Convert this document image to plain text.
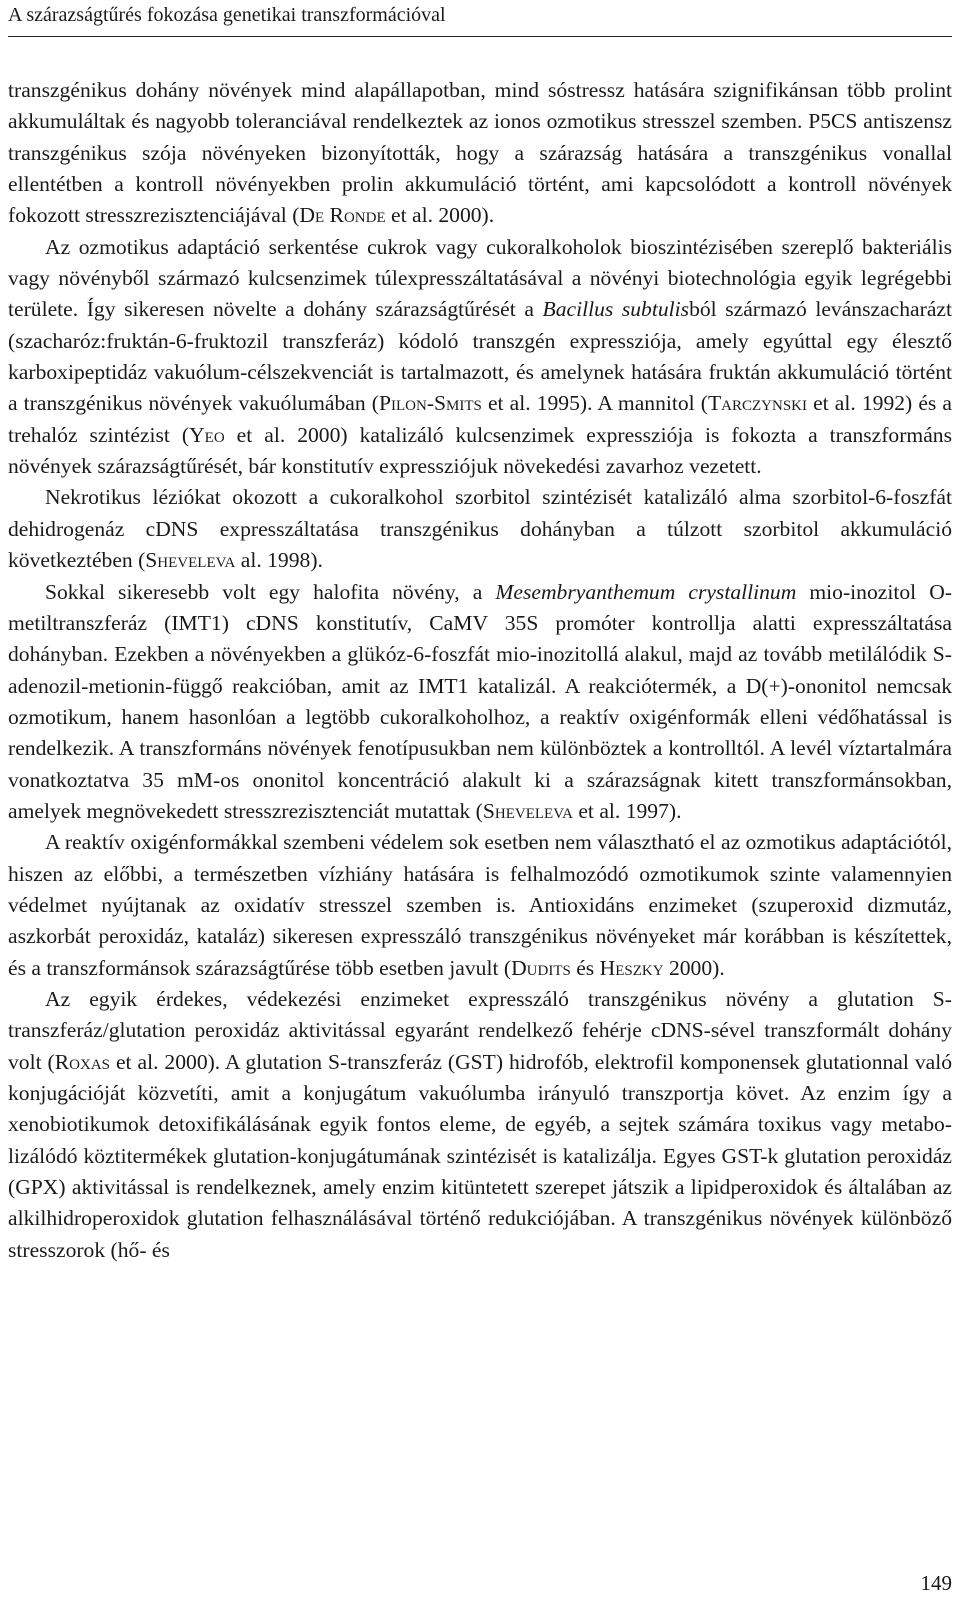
A szárazságtűrés fokozása genetikai transzformációval

transzgénikus dohány növények mind alapállapotban, mind sóstressz hatására szignifikánsan több prolint akkumuláltak és nagyobb toleranciával rendelkeztek az ionos ozmotikus stresszel szemben. P5CS antiszensz transzgénikus szója növényeken bizonyították, hogy a szárazság hatására a transzgénikus vonallal ellentétben a kontroll növényekben prolin akkumuláció történt, ami kapcsolódott a kontroll növények fokozott stresszrezisztenciájával (De Ronde et al. 2000).

Az ozmotikus adaptáció serkentése cukrok vagy cukoralkoholok bioszintézisében szereplő bakteriális vagy növényből származó kulcsenzimek túlexpresszáltatásával a növényi biotechnológia egyik legrégebbi területe. Így sikeresen növelte a dohány szárazságtűrését a Bacillus subtulisból származó levánszacharázt (szacharóz:fruktán-6-fruktozil transzferáz) kódoló transzgén expressziója, amely egyúttal egy élesztő karboxipeptidáz vakuólum-célszekvenciát is tartalmazott, és amelynek hatására fruktán akkumuláció történt a transzgénikus növények vakuólumában (Pilon-Smits et al. 1995). A mannitol (Tarczynski et al. 1992) és a trehalóz szintézist (Yeo et al. 2000) katalizáló kulcsenzimek expressziója is fokozta a transzformáns növények szárazságtűrését, bár konstitutív expressziójuk növekedési zavarhoz vezetett.

Nekrotikus léziókat okozott a cukoralkohol szorbitol szintézisét katalizáló alma szorbitol-6-foszfát dehidrogenáz cDNS expresszáltatása transzgénikus dohányban a túlzott szorbitol akkumuláció következtében (Sheveleva al. 1998).

Sokkal sikeresebb volt egy halofita növény, a Mesembryanthemum crystallinum mio-inozitol O-metiltranszferáz (IMT1) cDNS konstitutív, CaMV 35S promóter kontrollja alatti expresszáltatása dohányban. Ezekben a növényekben a glükóz-6-foszfát mio-inozitollá alakul, majd az tovább metilálódik S-adenozil-metionin-függő reakcióban, amit az IMT1 katalizál. A reakciótermék, a D(+)-ononitol nemcsak ozmotikum, hanem hasonlóan a legtöbb cukoralkoholhoz, a reaktív oxigénformák elleni védőhatással is rendelkezik. A transzformáns növények fenotípusukban nem különböztek a kontrolltól. A levél víztartalmára vonatkoztatva 35 mM-os ononitol koncentráció alakult ki a szárazságnak kitett transzformánsokban, amelyek megnövekedett stresszrezisztenciát mutattak (Sheveleva et al. 1997).

A reaktív oxigénformákkal szembeni védelem sok esetben nem választható el az ozmotikus adaptációtól, hiszen az előbbi, a természetben vízhiány hatására is felhalmozódó ozmotikumok szinte valamennyien védelmet nyújtanak az oxidatív stresszel szemben is. Antioxidáns enzimeket (szuperoxid dizmutáz, aszkorbát peroxidáz, kataláz) sikeresen expresszáló transzgénikus növényeket már korábban is készítettek, és a transzformánsok szárazságtűrése több esetben javult (Dudits és Heszky 2000).

Az egyik érdekes, védekezési enzimeket expresszáló transzgénikus növény a glutation S-transzferáz/glutation peroxidáz aktivitással egyaránt rendelkező fehérje cDNS-sével transzformált dohány volt (Roxas et al. 2000). A glutation S-transzferáz (GST) hidrofób, elektrofil komponensek glutationnal való konjugációját közvetíti, amit a konjugátum vakuólumba irányuló transzportja követ. Az enzim így a xenobiotikumok detoxifikálásának egyik fontos eleme, de egyéb, a sejtek számára toxikus vagy metabolizálódó köztitermékek glutation-konjugátumának szintézisét is katalizálja. Egyes GST-k glutation peroxidáz (GPX) aktivitással is rendelkeznek, amely enzim kitüntetett szerepet játszik a lipidperoxidok és általában az alkilhidroperoxidok glutation felhasználásával történő redukciójában. A transzgénikus növények különböző stresszorok (hő- és

149
